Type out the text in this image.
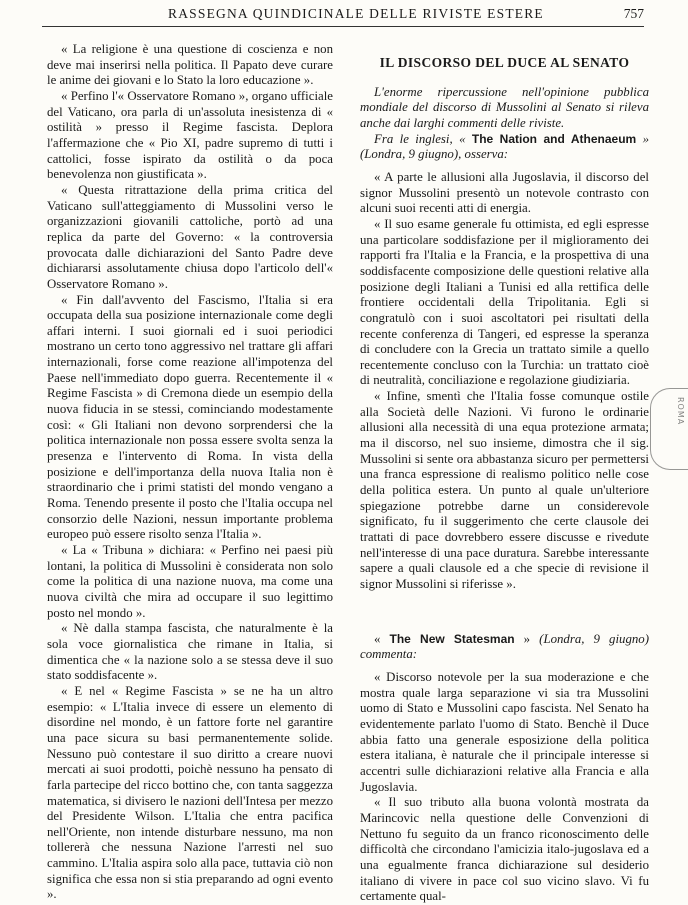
RASSEGNA QUINDICINALE DELLE RIVISTE ESTERE	757

« La religione è una questione di coscienza e non deve mai inserirsi nella politica. Il Papato deve curare le anime dei giovani e lo Stato la loro educazione ».

« Perfino l'« Osservatore Romano », organo ufficiale del Vaticano, ora parla di un'assoluta inesistenza di « ostilità » presso il Regime fascista. Deplora l'affermazione che « Pio XI, padre supremo di tutti i cattolici, fosse ispirato da ostilità o da poca benevolenza non giustificata ».

« Questa ritrattazione della prima critica del Vaticano sull'atteggiamento di Mussolini verso le organizzazioni giovanili cattoliche, portò ad una replica da parte del Governo: « la controversia provocata dalle dichiarazioni del Santo Padre deve dichiararsi assolutamente chiusa dopo l'articolo dell'« Osservatore Romano ».

« Fin dall'avvento del Fascismo, l'Italia si era occupata della sua posizione internazionale come degli affari interni. I suoi giornali ed i suoi periodici mostrano un certo tono aggressivo nel trattare gli affari internazionali, forse come reazione all'impotenza del Paese nell'immediato dopo guerra. Recentemente il « Regime Fascista » di Cremona diede un esempio della nuova fiducia in se stessi, cominciando modestamente così: « Gli Italiani non devono sorprendersi che la politica internazionale non possa essere svolta senza la presenza e l'intervento di Roma. In vista della posizione e dell'importanza della nuova Italia non è straordinario che i primi statisti del mondo vengano a Roma. Tenendo presente il posto che l'Italia occupa nel consorzio delle Nazioni, nessun importante problema europeo può essere risolto senza l'Italia ».

« La « Tribuna » dichiara: « Perfino nei paesi più lontani, la politica di Mussolini è considerata non solo come la politica di una nazione nuova, ma come una nuova civiltà che mira ad occupare il suo legittimo posto nel mondo ».

« Nè dalla stampa fascista, che naturalmente è la sola voce giornalistica che rimane in Italia, si dimentica che « la nazione solo a se stessa deve il suo stato soddisfacente ».

« E nel « Regime Fascista » se ne ha un altro esempio: « L'Italia invece di essere un elemento di disordine nel mondo, è un fattore forte nel garantire una pace sicura su basi permanentemente solide. Nessuno può contestare il suo diritto a creare nuovi mercati ai suoi prodotti, poichè nessuno ha pensato di farla partecipe del ricco bottino che, con tanta saggezza matematica, si divisero le nazioni dell'Intesa per mezzo del Presidente Wilson. L'Italia che entra pacifica nell'Oriente, non intende disturbare nessuno, ma non tollererà che nessuna Nazione l'arresti nel suo cammino. L'Italia aspira solo alla pace, tuttavia ciò non significa che essa non si stia preparando ad ogni evento ».

IL DISCORSO DEL DUCE AL SENATO

L'enorme ripercussione nell'opinione pubblica mondiale del discorso di Mussolini al Senato si rileva anche dai larghi commenti delle riviste.

Fra le inglesi, « The Nation and Athenaeum » (Londra, 9 giugno), osserva:

« A parte le allusioni alla Jugoslavia, il discorso del signor Mussolini presentò un notevole contrasto con alcuni suoi recenti atti di energia.

« Il suo esame generale fu ottimista, ed egli espresse una particolare soddisfazione per il miglioramento dei rapporti fra l'Italia e la Francia, e la prospettiva di una soddisfacente composizione delle questioni relative alla posizione degli Italiani a Tunisi ed alla rettifica delle frontiere occidentali della Tripolitania. Egli si congratulò con i suoi ascoltatori pei risultati della recente conferenza di Tangeri, ed espresse la speranza di concludere con la Grecia un trattato simile a quello recentemente concluso con la Turchia: un trattato cioè di neutralità, conciliazione e regolazione giudiziaria.

« Infine, smentì che l'Italia fosse comunque ostile alla Società delle Nazioni. Vi furono le ordinarie allusioni alla necessità di una equa protezione armata; ma il discorso, nel suo insieme, dimostra che il sig. Mussolini si sente ora abbastanza sicuro per permettersi una franca espressione di realismo politico nelle cose della politica estera. Un punto al quale un'ulteriore spiegazione potrebbe darne un considerevole significato, fu il suggerimento che certe clausole dei trattati di pace dovrebbero essere discusse e rivedute nell'interesse di una pace duratura. Sarebbe interessante sapere a quali clausole ed a che specie di revisione il signor Mussolini si riferisse ».

« The New Statesman » (Londra, 9 giugno) commenta:

« Discorso notevole per la sua moderazione e che mostra quale larga separazione vi sia tra Mussolini uomo di Stato e Mussolini capo fascista. Nel Senato ha evidentemente parlato l'uomo di Stato. Benchè il Duce abbia fatto una generale esposizione della politica estera italiana, è naturale che il principale interesse si accentri sulle dichiarazioni relative alla Francia e alla Jugoslavia.

« Il suo tributo alla buona volontà mostrata da Marincovic nella questione delle Convenzioni di Nettuno fu seguito da un franco riconoscimento delle difficoltà che circondano l'amicizia italo-jugoslava ed a una egualmente franca dichiarazione sul desiderio italiano di vivere in pace col suo vicino slavo. Vi fu certamente qual-

ROMA
